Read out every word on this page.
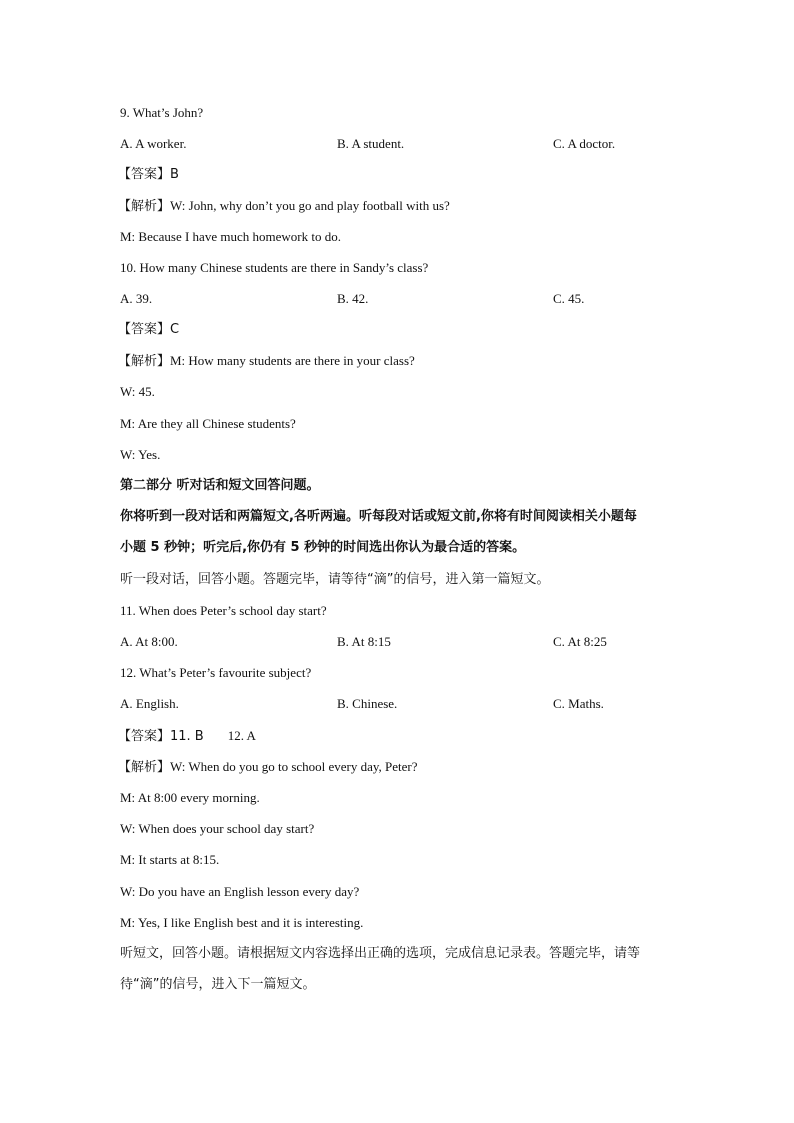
9. What’s John?
A. A worker.	B. A student.	C. A doctor.
【答案】B
【解析】W: John, why don’t you go and play football with us?
M: Because I have much homework to do.
10. How many Chinese students are there in Sandy’s class?
A. 39.	B. 42.	C. 45.
【答案】C
【解析】M: How many students are there in your class?
W: 45.
M: Are they all Chinese students?
W: Yes.
第二部分 听对话和短文回答问题。
你将听到一段对话和两篇短文,各听两遍。听每段对话或短文前,你将有时间阅读相关小题每
小题 5 秒钟；听完后,你仍有 5 秒钟的时间选出你认为最合适的答案。
听一段对话，回答小题。答题完毕，请等待“滴”的信号，进入第一篇短文。
11. When does Peter’s school day start?
A. At 8:00.	B. At 8:15	C. At 8:25
12. What’s Peter’s favourite subject?
A. English.	B. Chinese.	C. Maths.
【答案】11. B 12. A
【解析】W: When do you go to school every day, Peter?
M: At 8:00 every morning.
W: When does your school day start?
M: It starts at 8:15.
W: Do you have an English lesson every day?
M: Yes, I like English best and it is interesting.
听短文，回答小题。请根据短文内容选择出正确的选项，完成信息记录表。答题完毕，请等
待“滴”的信号，进入下一篇短文。
